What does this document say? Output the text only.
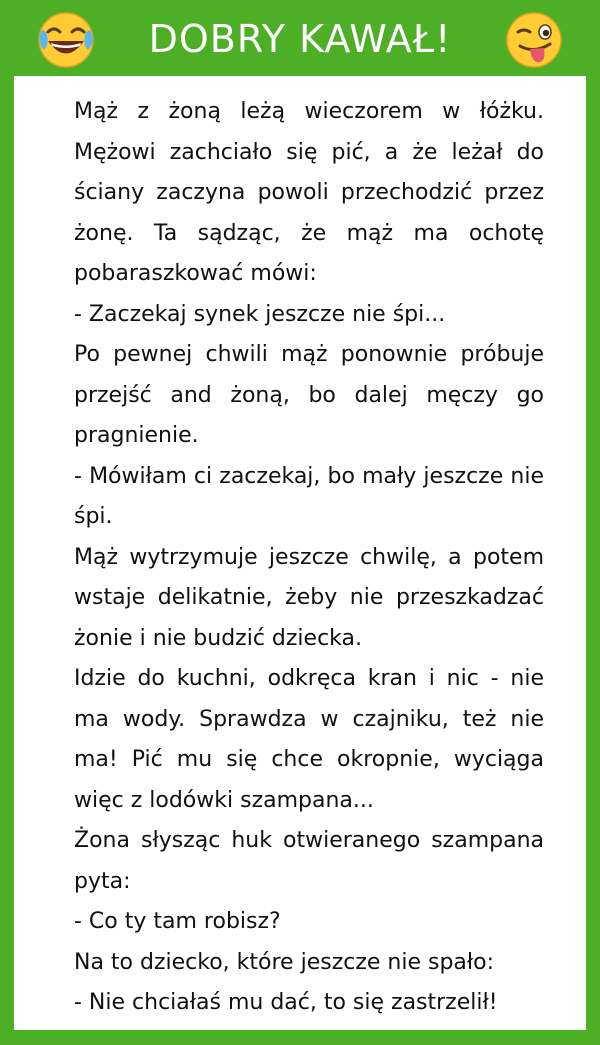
DOBRY KAWAŁ!

Mąż z żoną leżą wieczorem w łóżku. Mężowi zachciało się pić, a że leżał do ściany zaczyna powoli przechodzić przez żonę. Ta sądząc, że mąż ma ochotę pobaraszkować mówi:

- Zaczekaj synek jeszcze nie śpi...

Po pewnej chwili mąż ponownie próbuje przejść and żoną, bo dalej męczy go pragnienie.

- Mówiłam ci zaczekaj, bo mały jeszcze nie śpi.

Mąż wytrzymuje jeszcze chwilę, a potem wstaje delikatnie, żeby nie przeszkadzać żonie i nie budzić dziecka.

Idzie do kuchni, odkręca kran i nic - nie ma wody. Sprawdza w czajniku, też nie ma! Pić mu się chce okropnie, wyciąga więc z lodówki szampana...

Żona słysząc huk otwieranego szampana pyta:

- Co ty tam robisz?

Na to dziecko, które jeszcze nie spało:

- Nie chciałaś mu dać, to się zastrzelił!
